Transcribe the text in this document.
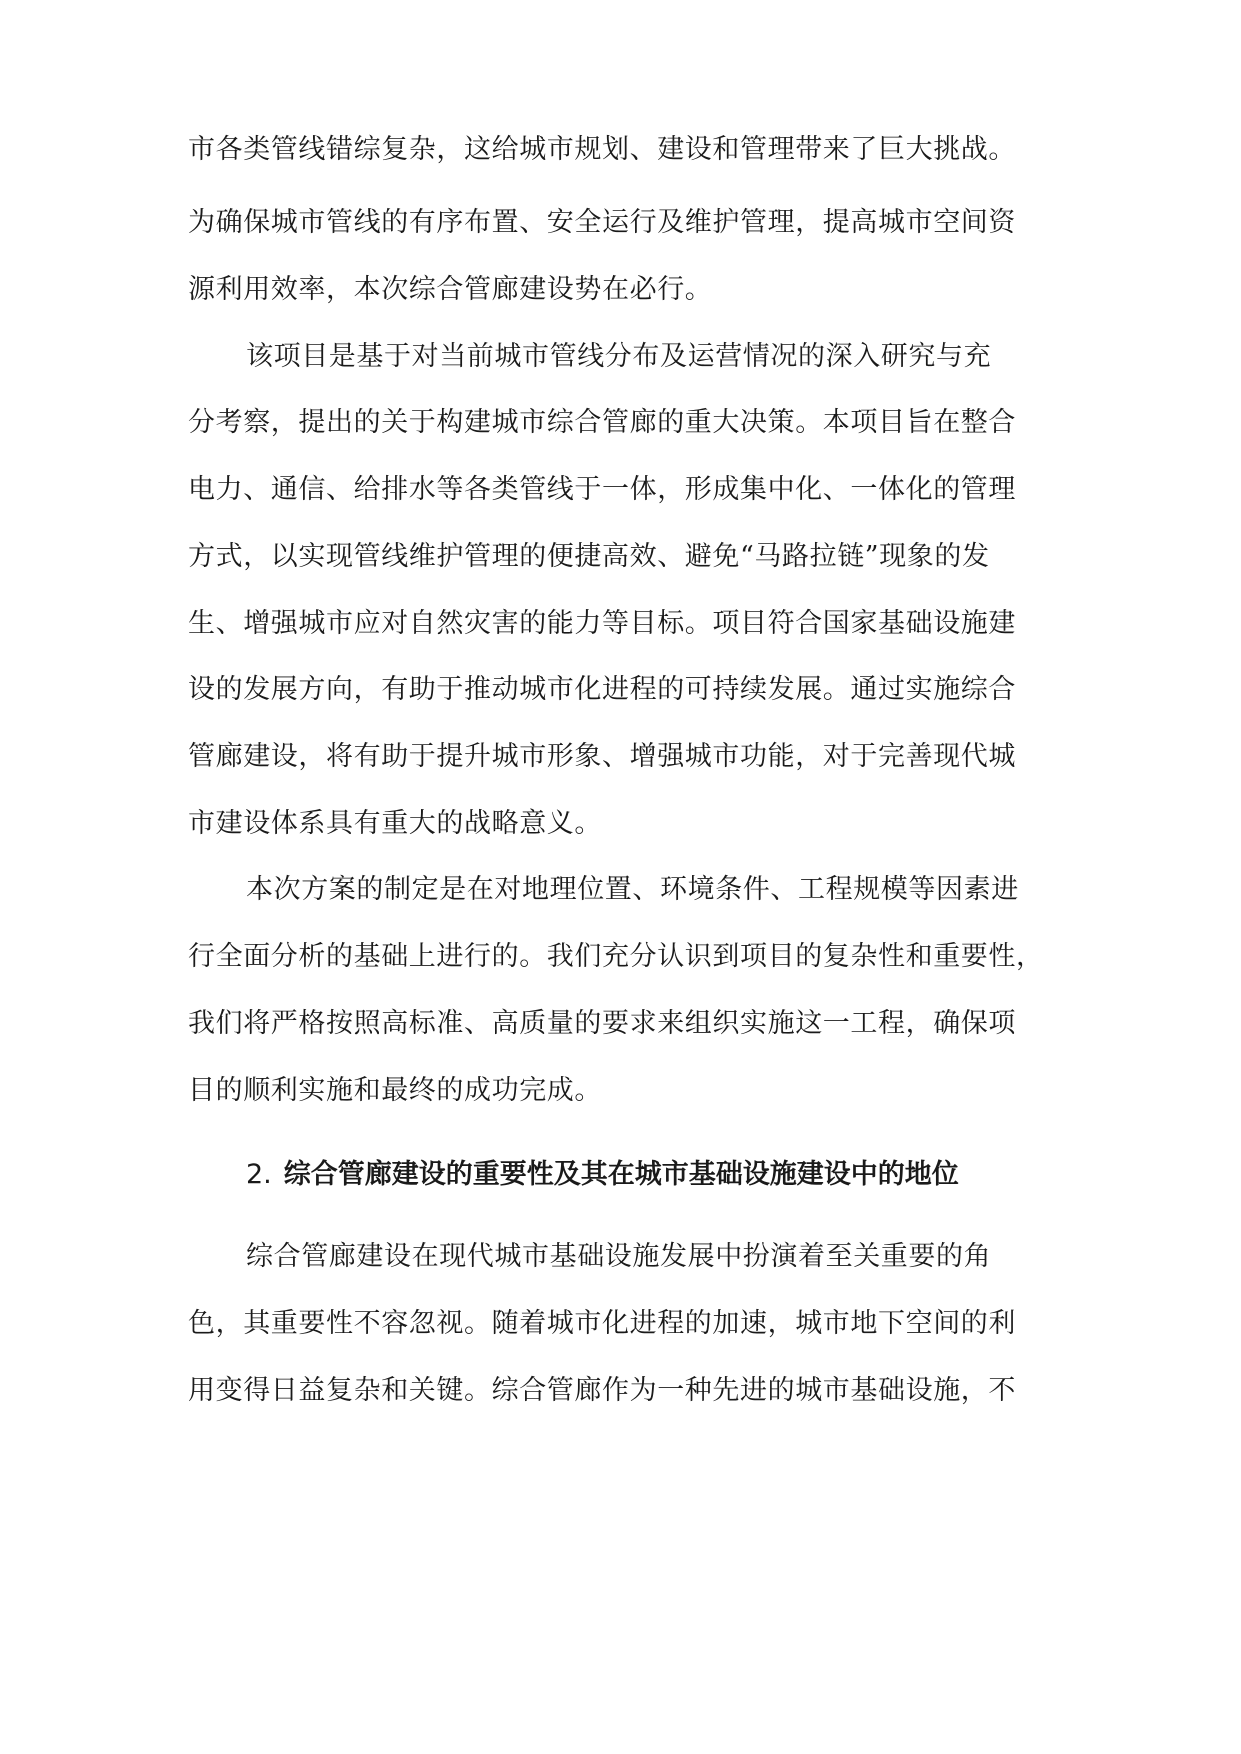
市各类管线错综复杂，这给城市规划、建设和管理带来了巨大挑战。
为确保城市管线的有序布置、安全运行及维护管理，提高城市空间资
源利用效率，本次综合管廊建设势在必行。
该项目是基于对当前城市管线分布及运营情况的深入研究与充
分考察，提出的关于构建城市综合管廊的重大决策。本项目旨在整合
电力、通信、给排水等各类管线于一体，形成集中化、一体化的管理
方式，以实现管线维护管理的便捷高效、避免“马路拉链”现象的发
生、增强城市应对自然灾害的能力等目标。项目符合国家基础设施建
设的发展方向，有助于推动城市化进程的可持续发展。通过实施综合
管廊建设，将有助于提升城市形象、增强城市功能，对于完善现代城
市建设体系具有重大的战略意义。
本次方案的制定是在对地理位置、环境条件、工程规模等因素进
行全面分析的基础上进行的。我们充分认识到项目的复杂性和重要性，
我们将严格按照高标准、高质量的要求来组织实施这一工程，确保项
目的顺利实施和最终的成功完成。
2. 综合管廊建设的重要性及其在城市基础设施建设中的地位
综合管廊建设在现代城市基础设施发展中扮演着至关重要的角
色，其重要性不容忽视。随着城市化进程的加速，城市地下空间的利
用变得日益复杂和关键。综合管廊作为一种先进的城市基础设施，不
